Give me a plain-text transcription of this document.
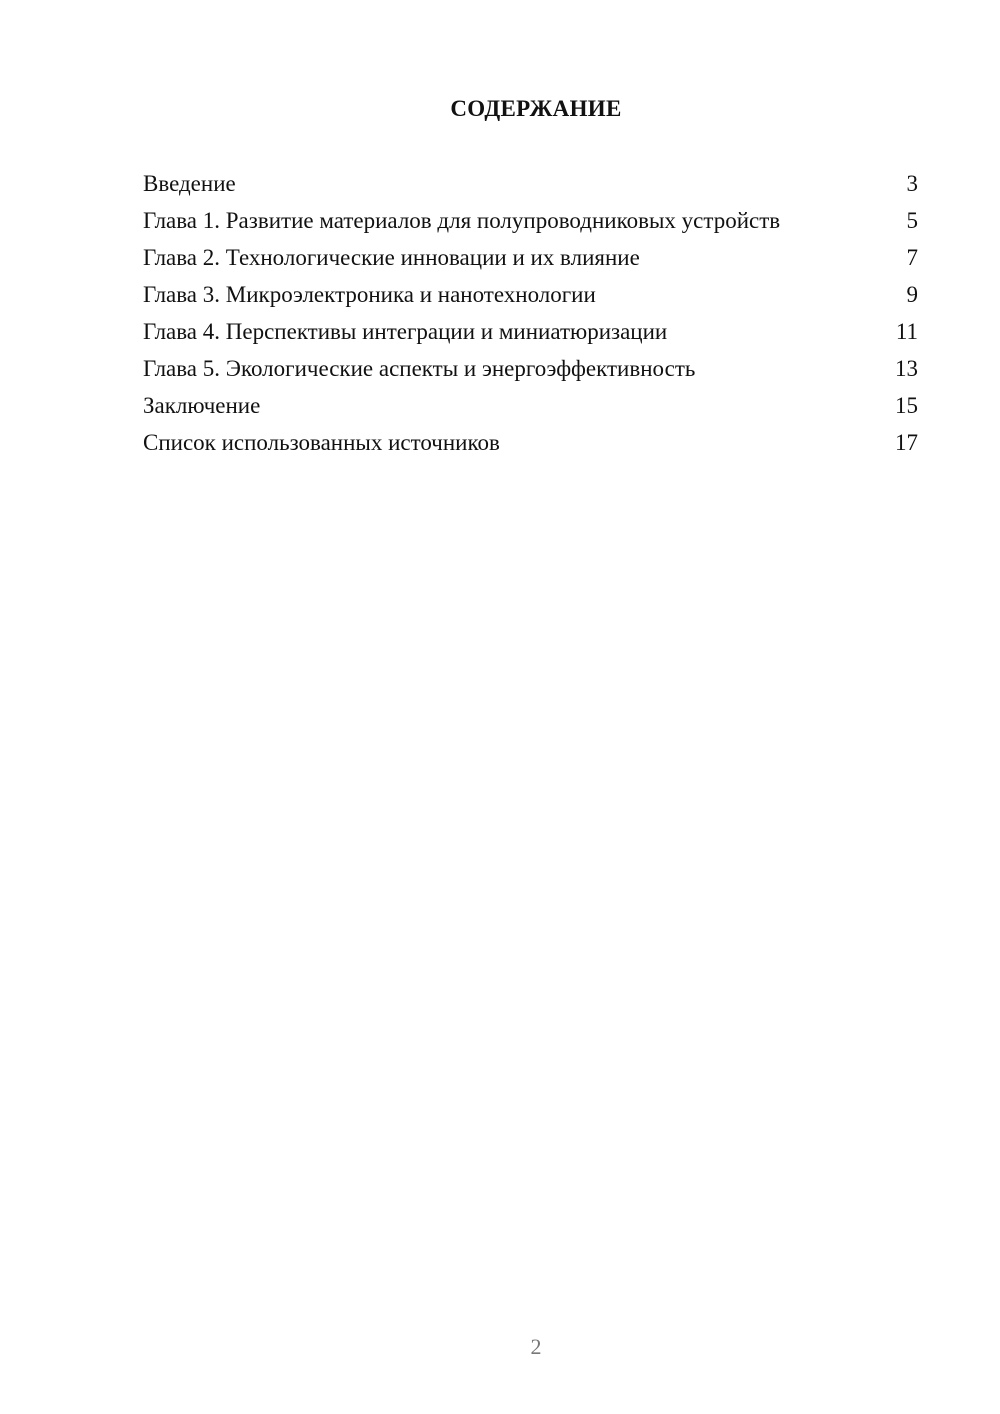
СОДЕРЖАНИЕ
Введение	3
Глава 1. Развитие материалов для полупроводниковых устройств	5
Глава 2. Технологические инновации и их влияние	7
Глава 3. Микроэлектроника и нанотехнологии	9
Глава 4. Перспективы интеграции и миниатюризации	11
Глава 5. Экологические аспекты и энергоэффективность	13
Заключение	15
Список использованных источников	17
2
